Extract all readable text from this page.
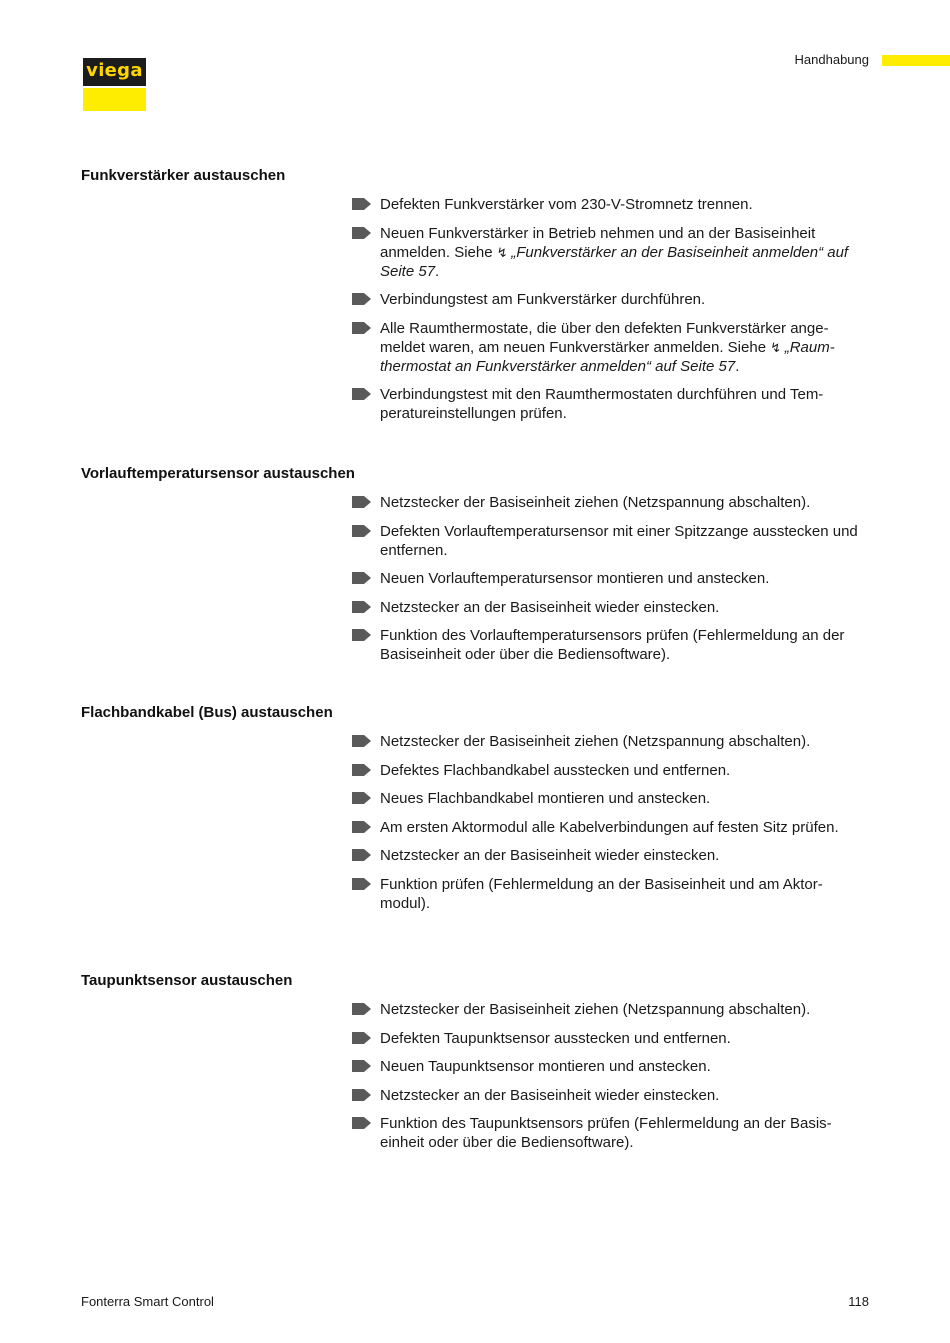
viega
Handhabung
Funkverstärker austauschen
Defekten Funkverstärker vom 230-V-Stromnetz trennen.
Neuen Funkverstärker in Betrieb nehmen und an der Basiseinheit anmelden. Siehe ↯ „Funkverstärker an der Basiseinheit anmelden“ auf Seite 57.
Verbindungstest am Funkverstärker durchführen.
Alle Raumthermostate, die über den defekten Funkverstärker ange-meldet waren, am neuen Funkverstärker anmelden. Siehe ↯ „Raum-thermostat an Funkverstärker anmelden“ auf Seite 57.
Verbindungstest mit den Raumthermostaten durchführen und Tem-peratureinstellungen prüfen.
Vorlauftemperatursensor austauschen
Netzstecker der Basiseinheit ziehen (Netzspannung abschalten).
Defekten Vorlauftemperatursensor mit einer Spitzzange ausstecken und entfernen.
Neuen Vorlauftemperatursensor montieren und anstecken.
Netzstecker an der Basiseinheit wieder einstecken.
Funktion des Vorlauftemperatursensors prüfen (Fehlermeldung an der Basiseinheit oder über die Bediensoftware).
Flachbandkabel (Bus) austauschen
Netzstecker der Basiseinheit ziehen (Netzspannung abschalten).
Defektes Flachbandkabel ausstecken und entfernen.
Neues Flachbandkabel montieren und anstecken.
Am ersten Aktormodul alle Kabelverbindungen auf festen Sitz prüfen.
Netzstecker an der Basiseinheit wieder einstecken.
Funktion prüfen (Fehlermeldung an der Basiseinheit und am Aktor-modul).
Taupunktsensor austauschen
Netzstecker der Basiseinheit ziehen (Netzspannung abschalten).
Defekten Taupunktsensor ausstecken und entfernen.
Neuen Taupunktsensor montieren und anstecken.
Netzstecker an der Basiseinheit wieder einstecken.
Funktion des Taupunktsensors prüfen (Fehlermeldung an der Basis-einheit oder über die Bediensoftware).
Fonterra Smart Control	118
